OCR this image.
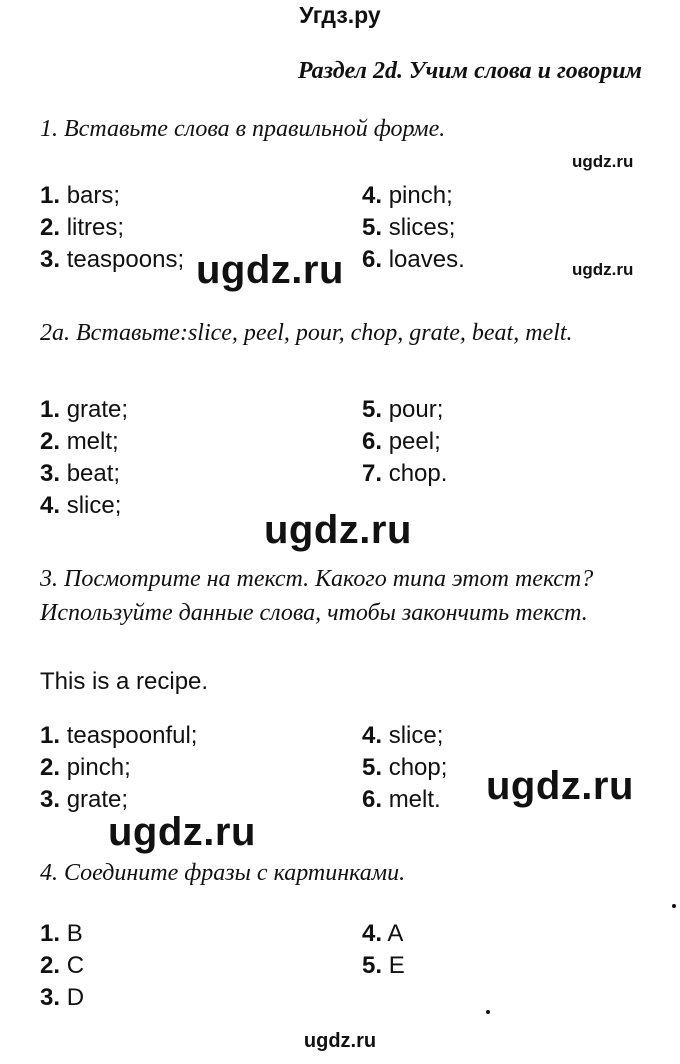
Угдз.ру
Раздел 2d. Учим слова и говорим
1. Вставьте слова в правильной форме.
ugdz.ru
1. bars;
2. litres;
3. teaspoons;
4. pinch;
5. slices;
6. loaves.
ugdz.ru	ugdz.ru
2a. Вставьте:slice, peel, pour, chop, grate, beat, melt.
1. grate;
2. melt;
3. beat;
4. slice;
5. pour;
6. peel;
7. chop.
ugdz.ru
3. Посмотрите на текст. Какого типа этот текст? Используйте данные слова, чтобы закончить текст.
This is a recipe.
1. teaspoonful;
2. pinch;
3. grate;
4. slice;
5. chop;
6. melt. ugdz.ru
ugdz.ru
4. Соедините фразы с картинками.
1. B
2. C
3. D
4. A
5. E
ugdz.ru
